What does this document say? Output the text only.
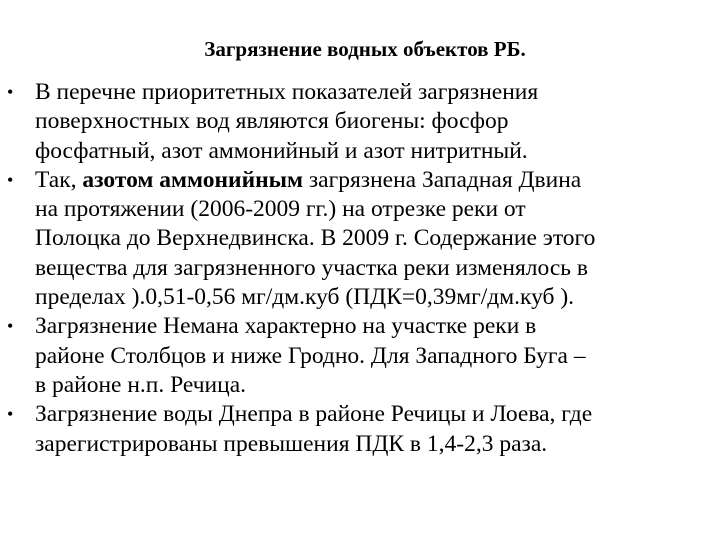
Загрязнение водных объектов РБ.
• В перечне приоритетных показателей загрязнения
поверхностных вод являются биогены: фосфор
фосфатный, азот аммонийный и азот нитритный.
• Так, азотом аммонийным загрязнена Западная Двина
на протяжении (2006-2009 гг.) на отрезке реки от
Полоцка до Верхнедвинска. В 2009 г. Содержание этого
вещества для загрязненного участка реки изменялось в
пределах ).0,51-0,56 мг/дм.куб (ПДК=0,39мг/дм.куб ).
• Загрязнение Немана характерно на участке реки в
районе Столбцов и ниже Гродно. Для Западного Буга –
в районе н.п. Речица.
• Загрязнение воды Днепра в районе Речицы и Лоева, где
зарегистрированы превышения ПДК в 1,4-2,3 раза.
